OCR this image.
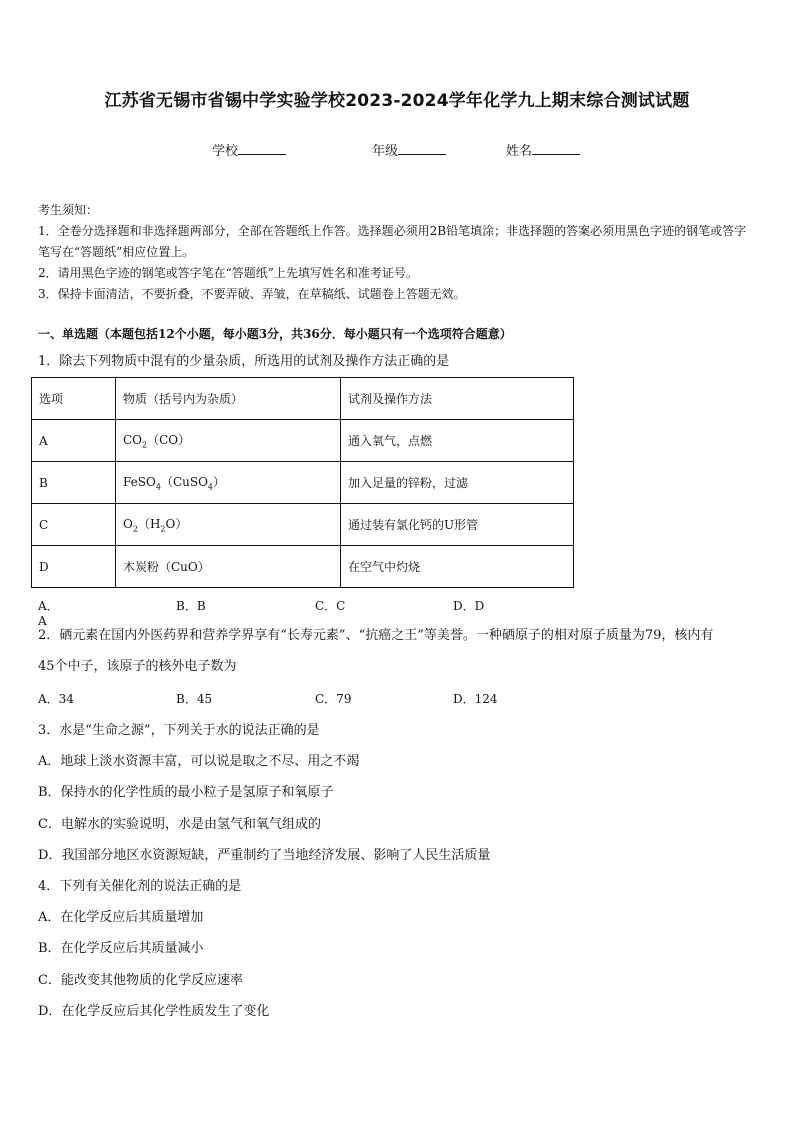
江苏省无锡市省锡中学实验学校2023-2024学年化学九上期末综合测试试题
学校	年级	姓名
考生须知：
1．全卷分选择题和非选择题两部分，全部在答题纸上作答。选择题必须用2B铅笔填涂；非选择题的答案必须用黑色字迹的钢笔或答字笔写在“答题纸”相应位置上。
2．请用黑色字迹的钢笔或答字笔在“答题纸”上先填写姓名和准考证号。
3．保持卡面清洁，不要折叠，不要弄破、弄皱，在草稿纸、试题卷上答题无效。
一、单选题（本题包括12个小题，每小题3分，共36分．每小题只有一个选项符合题意）
1．除去下列物质中混有的少量杂质，所选用的试剂及操作方法正确的是
选项	物质（括号内为杂质）	试剂及操作方法
A	$CO_2(CO)$	通入氧气，点燃
B	FeSO$_4$（CuSO$_4$）	加入足量的锌粉，过滤
C	$O_2(H_2O)$	通过装有氯化钙的U形管
D	木炭粉（CuO）	在空气中灼烧
A．A
B．B	C．C	D．D
2．硒元素在国内外医药界和营养学界享有“长寿元素”、“抗癌之王”等美誉。一种硒原子的相对原子质量为79，核内有
45个中子，该原子的核外电子数为
A．34	B．45	C．79	D．124
3．水是“生命之源”，下列关于水的说法正确的是
A．地球上淡水资源丰富，可以说是取之不尽、用之不竭
B．保持水的化学性质的最小粒子是氢原子和氧原子
C．电解水的实验说明，水是由氢气和氧气组成的
D．我国部分地区水资源短缺，严重制约了当地经济发展、影响了人民生活质量
4．下列有关催化剂的说法正确的是
A．在化学反应后其质量增加
B．在化学反应后其质量减小
C．能改变其他物质的化学反应速率
D．在化学反应后其化学性质发生了变化
